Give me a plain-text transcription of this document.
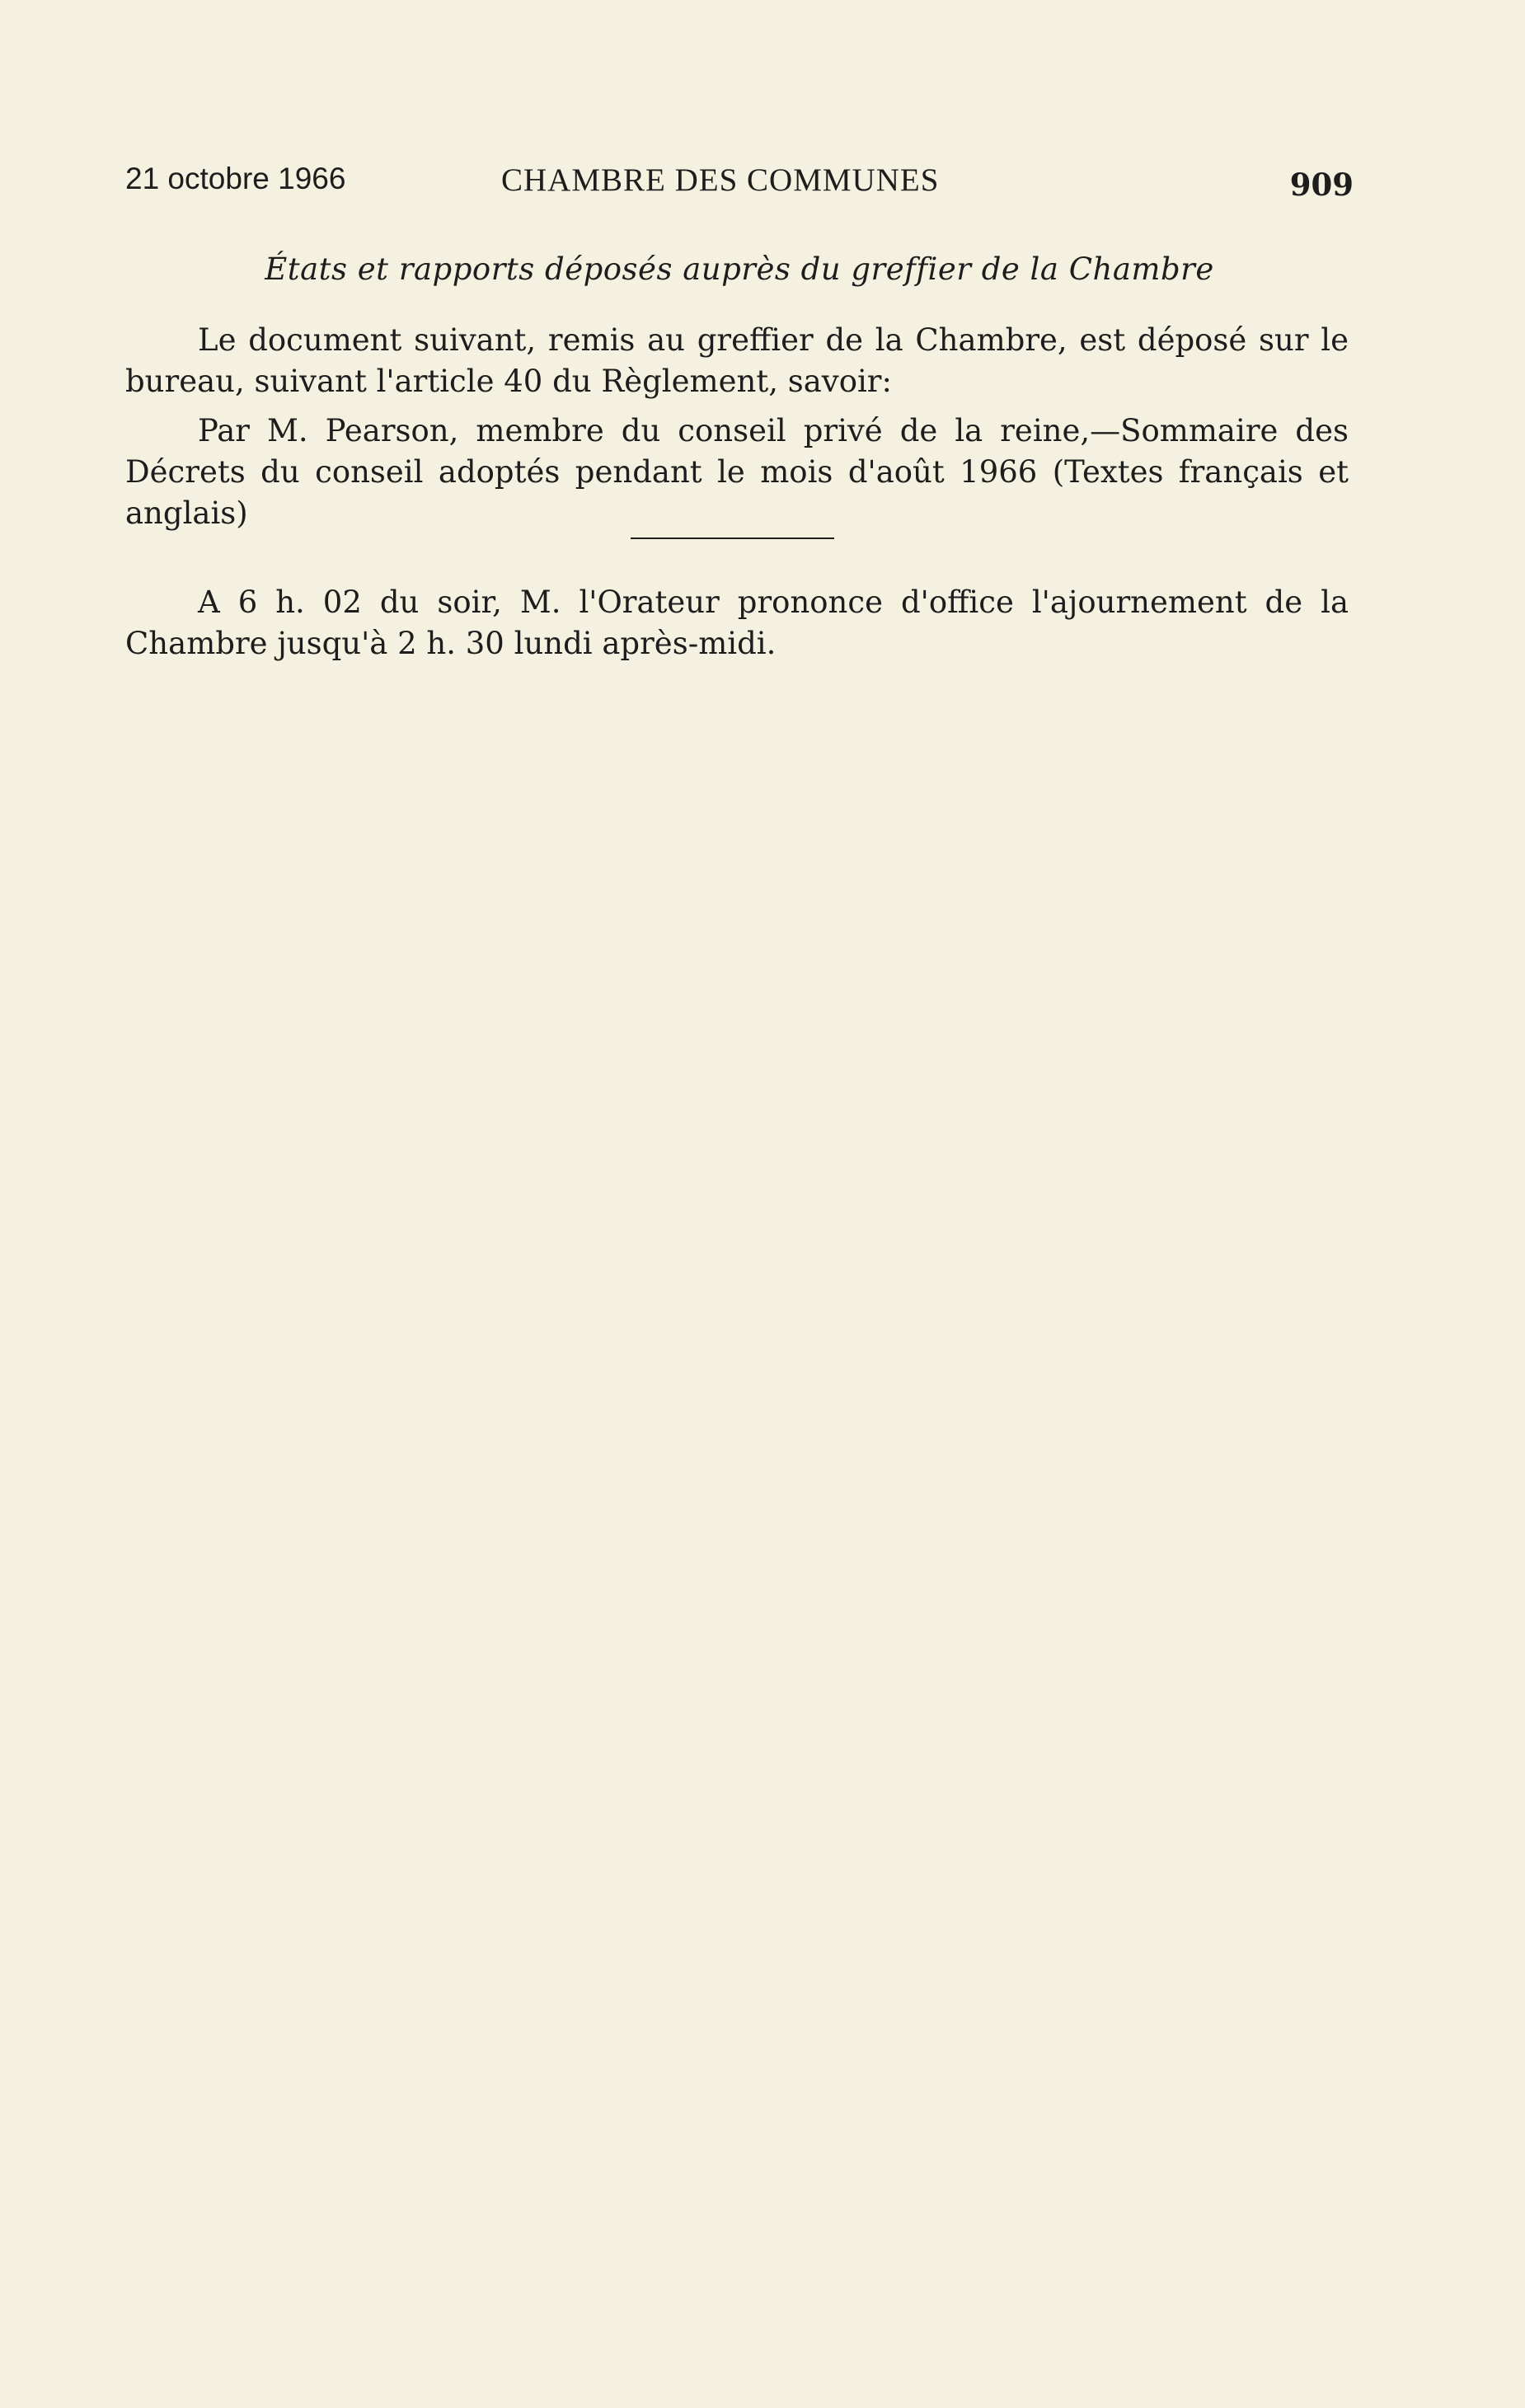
21 octobre 1966	CHAMBRE DES COMMUNES	909
États et rapports déposés auprès du greffier de la Chambre

Le document suivant, remis au greffier de la Chambre, est déposé sur le bureau, suivant l'article 40 du Règlement, savoir:

Par M. Pearson, membre du conseil privé de la reine,—Sommaire des Décrets du conseil adoptés pendant le mois d'août 1966 (Textes français et anglais)

A 6 h. 02 du soir, M. l'Orateur prononce d'office l'ajournement de la Chambre jusqu'à 2 h. 30 lundi après-midi.
